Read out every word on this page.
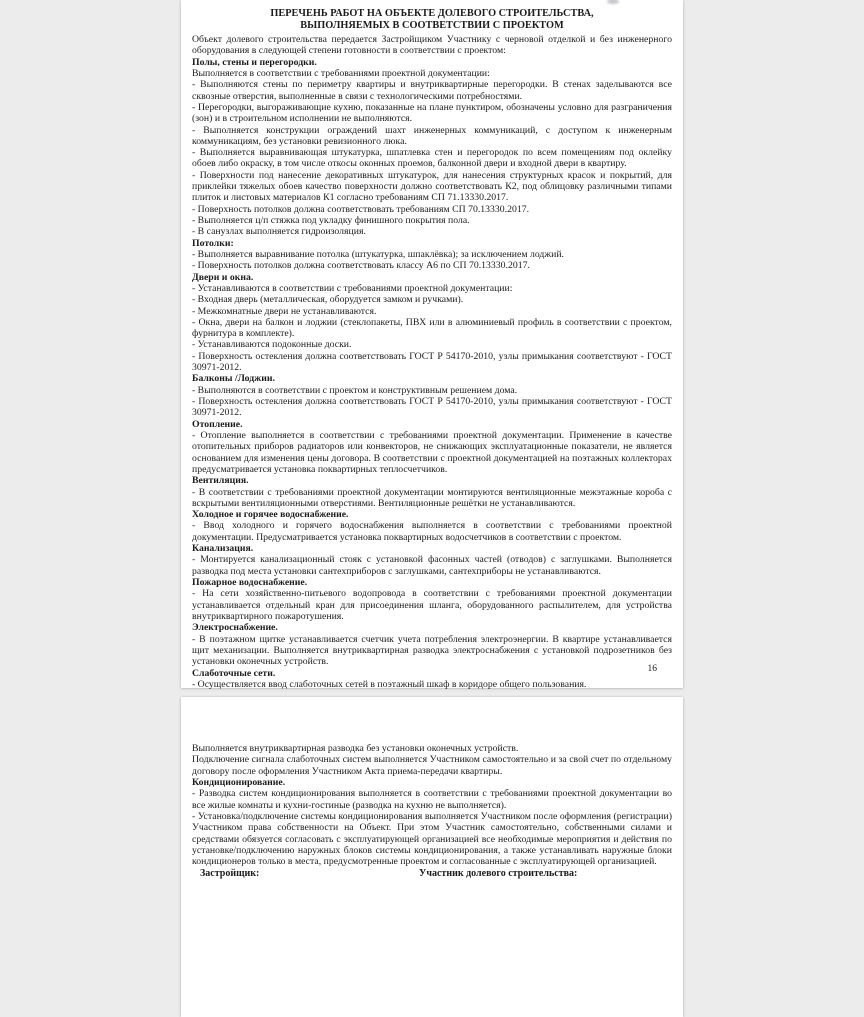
ПЕРЕЧЕНЬ РАБОТ НА ОБЪЕКТЕ ДОЛЕВОГО СТРОИТЕЛЬСТВА,
ВЫПОЛНЯЕМЫХ В СООТВЕТСТВИИ С ПРОЕКТОМ

Объект долевого строительства передается Застройщиком Участнику с черновой отделкой и без инженерного оборудования в следующей степени готовности в соответствии с проектом:

Полы, стены и перегородки.

Выполняется в соответствии с требованиями проектной документации:

- Выполняются стены по периметру квартиры и внутриквартирные перегородки. В стенах заделываются все сквозные отверстия, выполненные в связи с технологическими потребностями.

- Перегородки, выгораживающие кухню, показанные на плане пунктиром, обозначены условно для разграничения (зон) и в строительном исполнении не выполняются.

- Выполняется конструкции ограждений шахт инженерных коммуникаций, с доступом к инженерным коммуникациям, без установки ревизионного люка.

- Выполняется выравнивающая штукатурка, шпатлевка стен и перегородок по всем помещениям под оклейку обоев либо окраску, в том числе откосы оконных проемов, балконной двери и входной двери в квартиру.

- Поверхности под нанесение декоративных штукатурок, для нанесения структурных красок и покрытий, для приклейки тяжелых обоев качество поверхности должно соответствовать К2, под облицовку различными типами плиток и листовых материалов К1 согласно требованиям СП 71.13330.2017.

- Поверхность потолков должна соответствовать требованиям СП 70.13330.2017.

- Выполняется ц/п стяжка под укладку финишного покрытия пола.

- В санузлах выполняется гидроизоляция.

Потолки:

- Выполняется выравнивание потолка (штукатурка, шпаклёвка); за исключением лоджий.

- Поверхность потолков должна соответствовать классу А6 по СП 70.13330.2017.

Двери и окна.

- Устанавливаются в соответствии с требованиями проектной документации:

- Входная дверь (металлическая, оборудуется замком и ручками).

- Межкомнатные двери не устанавливаются.

- Окна, двери на балкон и лоджии (стеклопакеты, ПВХ или в алюминиевый профиль в соответствии с проектом, фурнитура в комплекте).

- Устанавливаются подоконные доски.

- Поверхность остекления должна соответствовать ГОСТ Р 54170-2010, узлы примыкания соответствуют - ГОСТ 30971-2012.

Балконы /Лоджии.

- Выполняются в соответствии с проектом и конструктивным решением дома.

- Поверхность остекления должна соответствовать ГОСТ Р 54170-2010, узлы примыкания соответствуют - ГОСТ 30971-2012.

Отопление.

- Отопление выполняется в соответствии с требованиями проектной документации. Применение в качестве отопительных приборов радиаторов или конвекторов, не снижающих эксплуатационные показатели, не является основанием для изменения цены договора. В соответствии с проектной документацией на поэтажных коллекторах предусматривается установка поквартирных теплосчетчиков.

Вентиляция.

- В соответствии с требованиями проектной документации монтируются вентиляционные межэтажные короба с вскрытыми вентиляционными отверстиями. Вентиляционные решётки не устанавливаются.

Холодное и горячее водоснабжение.

- Ввод холодного и горячего водоснабжения выполняется в соответствии с требованиями проектной документации. Предусматривается установка поквартирных водосчетчиков в соответствии с проектом.

Канализация.

- Монтируется канализационный стояк с установкой фасонных частей (отводов) с заглушками. Выполняется разводка под места установки сантехприборов с заглушками, сантехприборы не устанавливаются.

Пожарное водоснабжение.

- На сети хозяйственно-питьевого водопровода в соответствии с требованиями проектной документации устанавливается отдельный кран для присоединения шланга, оборудованного распылителем, для устройства внутриквартирного пожаротушения.

Электроснабжение.

- В поэтажном щитке устанавливается счетчик учета потребления электроэнергии. В квартире устанавливается щит механизации. Выполняется внутриквартирная разводка электроснабжения с установкой подрозетников без установки оконечных устройств.

Слаботочные сети.

- Осуществляется ввод слаботочных сетей в поэтажный шкаф в коридоре общего пользования.

16

Выполняется внутриквартирная разводка без установки оконечных устройств.

Подключение сигнала слаботочных систем выполняется Участником самостоятельно и за свой счет по отдельному договору после оформления Участником Акта приема-передачи квартиры.

Кондиционирование.

- Разводка систем кондиционирования выполняется в соответствии с требованиями проектной документации во все жилые комнаты и кухни-гостиные (разводка на кухню не выполняется).

- Установка/подключение системы кондиционирования выполняется Участником после оформления (регистрации) Участником права собственности на Объект. При этом Участник самостоятельно, собственными силами и средствами обязуется согласовать с эксплуатирующей организацией все необходимые мероприятия и действия по установке/подключению наружных блоков системы кондиционирования, а также устанавливать наружные блоки кондиционеров только в места, предусмотренные проектом и согласованные с эксплуатирующей организацией.

Застройщик:	Участник долевого строительства:
